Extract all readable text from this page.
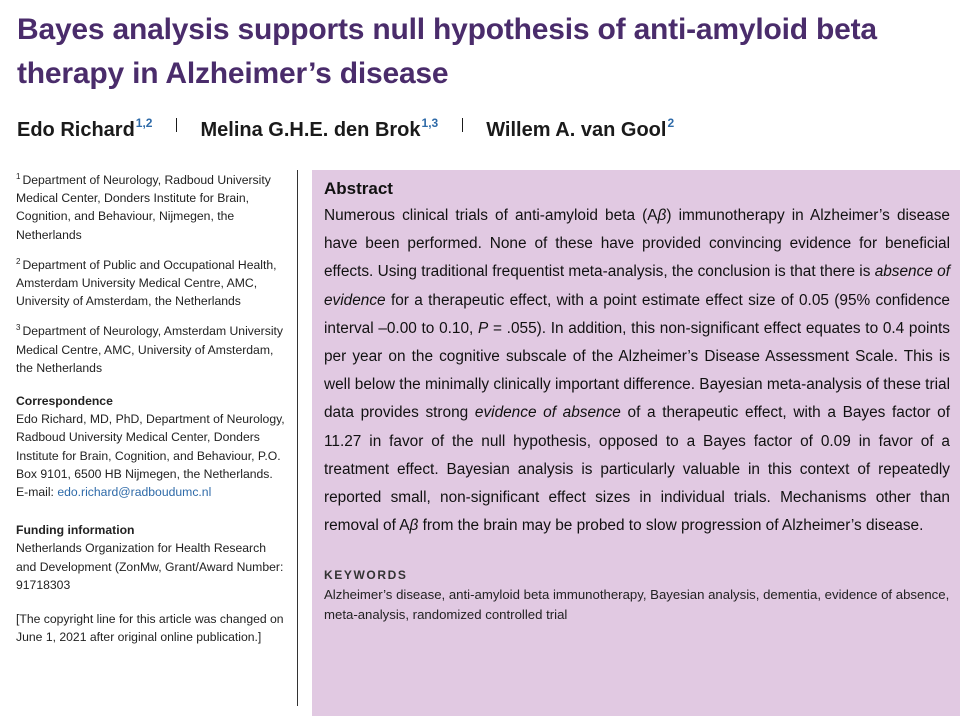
Bayes analysis supports null hypothesis of anti-amyloid beta therapy in Alzheimer’s disease
Edo Richard$^{1,2}$ Melina G.H.E. den Brok$^{1,3}$ Willem A. van Gool$^2$
$^1$ Department of Neurology, Radboud University Medical Center, Donders Institute for Brain, Cognition, and Behaviour, Nijmegen, the Netherlands
$^2$ Department of Public and Occupational Health, Amsterdam University Medical Centre, AMC, University of Amsterdam, the Netherlands
$^3$ Department of Neurology, Amsterdam University Medical Centre, AMC, University of Amsterdam, the Netherlands
Correspondence
Edo Richard, MD, PhD, Department of Neurology, Radboud University Medical Center, Donders Institute for Brain, Cognition, and Behaviour, P.O. Box 9101, 6500 HB Nijmegen, the Netherlands.
E-mail: edo.richard@radboudumc.nl
Funding information
Netherlands Organization for Health Research and Development (ZonMw, Grant/Award Number: 91718303
[The copyright line for this article was changed on June 1, 2021 after original online publication.]
Abstract

Numerous clinical trials of anti-amyloid beta (Aβ) immunotherapy in Alzheimer’s disease have been performed. None of these have provided convincing evidence for beneficial effects. Using traditional frequentist meta-analysis, the conclusion is that there is absence of evidence for a therapeutic effect, with a point estimate effect size of 0.05 (95% confidence interval –0.00 to 0.10, P = .055). In addition, this non-significant effect equates to 0.4 points per year on the cognitive subscale of the Alzheimer’s Disease Assessment Scale. This is well below the minimally clinically important difference. Bayesian meta-analysis of these trial data provides strong evidence of absence of a therapeutic effect, with a Bayes factor of 11.27 in favor of the null hypothesis, opposed to a Bayes factor of 0.09 in favor of a treatment effect. Bayesian analysis is particularly valuable in this context of repeatedly reported small, non-significant effect sizes in individual trials. Mechanisms other than removal of Aβ from the brain may be probed to slow progression of Alzheimer’s disease.

KEYWORDS
Alzheimer’s disease, anti-amyloid beta immunotherapy, Bayesian analysis, dementia, evidence of absence, meta-analysis, randomized controlled trial
